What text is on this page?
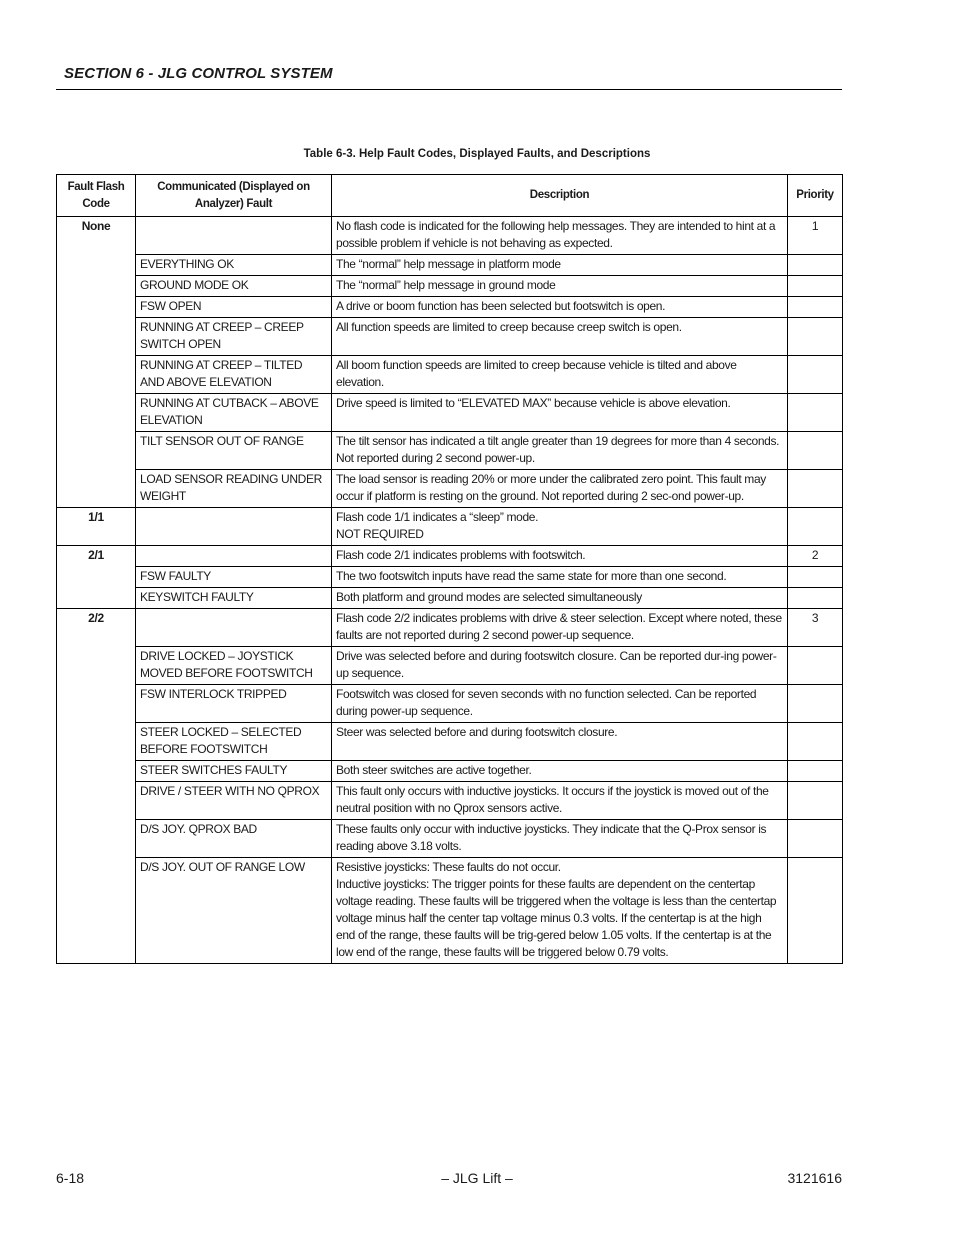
SECTION 6 - JLG CONTROL SYSTEM
Table 6-3. Help Fault Codes, Displayed Faults, and Descriptions
Fault Flash Code	Communicated (Displayed on Analyzer) Fault	Description	Priority
None		No flash code is indicated for the following help messages. They are intended to hint at a possible problem if vehicle is not behaving as expected.	1
	EVERYTHING OK	The “normal” help message in platform mode	
	GROUND MODE OK	The “normal” help message in ground mode	
	FSW OPEN	A drive or boom function has been selected but footswitch is open.	
	RUNNING AT CREEP – CREEP SWITCH OPEN	All function speeds are limited to creep because creep switch is open.	
	RUNNING AT CREEP – TILTED AND ABOVE ELEVATION	All boom function speeds are limited to creep because vehicle is tilted and above elevation.	
	RUNNING AT CUTBACK – ABOVE ELEVATION	Drive speed is limited to “ELEVATED MAX” because vehicle is above elevation.	
	TILT SENSOR OUT OF RANGE	The tilt sensor has indicated a tilt angle greater than 19 degrees for more than 4 seconds. Not reported during 2 second power-up.	
	LOAD SENSOR READING UNDER WEIGHT	The load sensor is reading 20% or more under the calibrated zero point. This fault may occur if platform is resting on the ground. Not reported during 2 sec-ond power-up.	
1/1		Flash code 1/1 indicates a “sleep” mode.
NOT REQUIRED	
2/1		Flash code 2/1 indicates problems with footswitch.	2
	FSW FAULTY	The two footswitch inputs have read the same state for more than one second.	
	KEYSWITCH FAULTY	Both platform and ground modes are selected simultaneously	
2/2		Flash code 2/2 indicates problems with drive & steer selection. Except where noted, these faults are not reported during 2 second power-up sequence.	3
	DRIVE LOCKED – JOYSTICK MOVED BEFORE FOOTSWITCH	Drive was selected before and during footswitch closure. Can be reported dur-ing power-up sequence.	
	FSW INTERLOCK TRIPPED	Footswitch was closed for seven seconds with no function selected. Can be reported during power-up sequence.	
	STEER LOCKED – SELECTED BEFORE FOOTSWITCH	Steer was selected before and during footswitch closure.	
	STEER SWITCHES FAULTY	Both steer switches are active together.	
	DRIVE / STEER WITH NO QPROX	This fault only occurs with inductive joysticks. It occurs if the joystick is moved out of the neutral position with no Qprox sensors active.	
	D/S JOY. QPROX BAD	These faults only occur with inductive joysticks. They indicate that the Q-Prox sensor is reading above 3.18 volts.	
	D/S JOY. OUT OF RANGE LOW	Resistive joysticks: These faults do not occur.
Inductive joysticks: The trigger points for these faults are dependent on the centertap voltage reading. These faults will be triggered when the voltage is less than the centertap voltage minus half the center tap voltage minus 0.3 volts. If the centertap is at the high end of the range, these faults will be trig-gered below 1.05 volts. If the centertap is at the low end of the range, these faults will be triggered below 0.79 volts.	
6-18	– JLG Lift –	3121616
